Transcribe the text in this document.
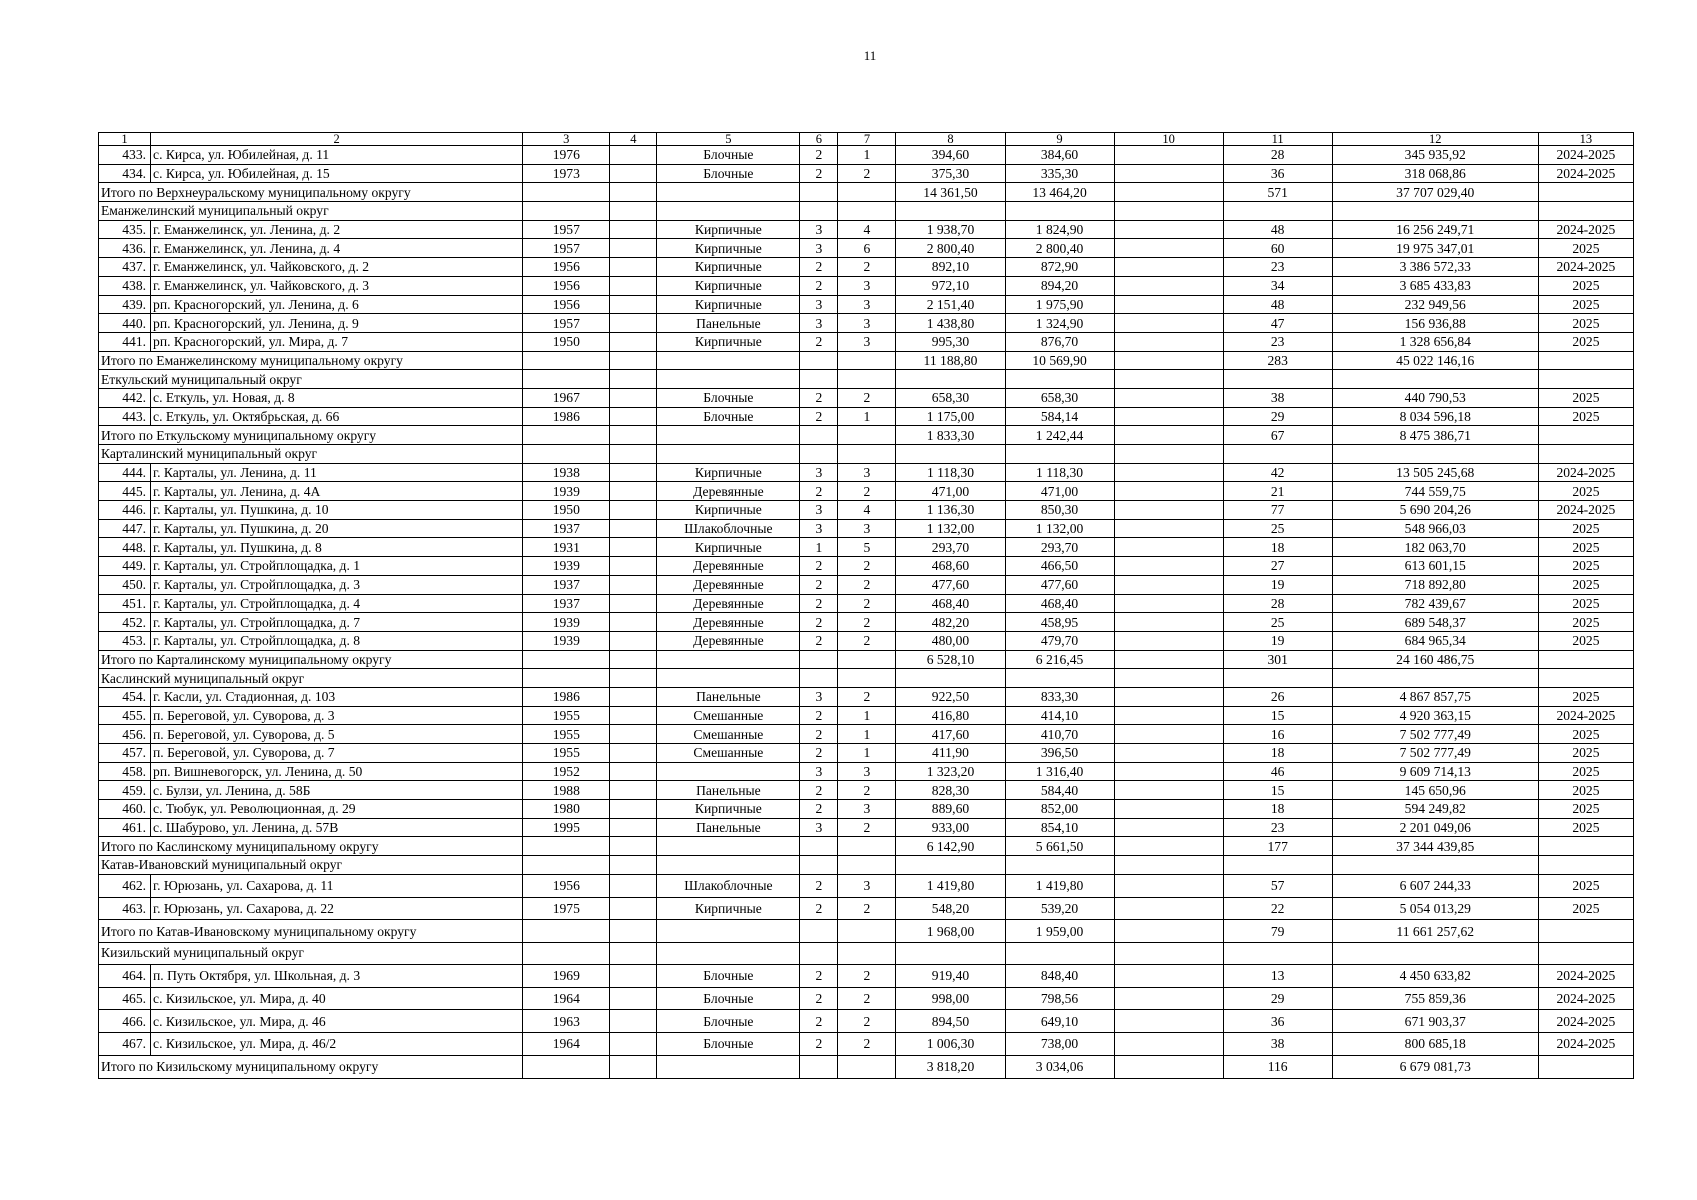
11
1	2	3	4	5	6	7	8	9	10	11	12	13
433.	с. Кирса, ул. Юбилейная, д. 11	1976		Блочные	2	1	394,60	384,60		28	345 935,92	2024-2025
434.	с. Кирса, ул. Юбилейная, д. 15	1973		Блочные	2	2	375,30	335,30		36	318 068,86	2024-2025
Итого по Верхнеуральскому муниципальному округу							14 361,50	13 464,20		571	37 707 029,40	
Еманжелинский муниципальный округ												
435.	г. Еманжелинск, ул. Ленина, д. 2	1957		Кирпичные	3	4	1 938,70	1 824,90		48	16 256 249,71	2024-2025
436.	г. Еманжелинск, ул. Ленина, д. 4	1957		Кирпичные	3	6	2 800,40	2 800,40		60	19 975 347,01	2025
437.	г. Еманжелинск, ул. Чайковского, д. 2	1956		Кирпичные	2	2	892,10	872,90		23	3 386 572,33	2024-2025
438.	г. Еманжелинск, ул. Чайковского, д. 3	1956		Кирпичные	2	3	972,10	894,20		34	3 685 433,83	2025
439.	рп. Красногорский, ул. Ленина, д. 6	1956		Кирпичные	3	3	2 151,40	1 975,90		48	232 949,56	2025
440.	рп. Красногорский, ул. Ленина, д. 9	1957		Панельные	3	3	1 438,80	1 324,90		47	156 936,88	2025
441.	рп. Красногорский, ул. Мира, д. 7	1950		Кирпичные	2	3	995,30	876,70		23	1 328 656,84	2025
Итого по Еманжелинскому муниципальному округу							11 188,80	10 569,90		283	45 022 146,16	
Еткульский муниципальный округ												
442.	с. Еткуль, ул. Новая, д. 8	1967		Блочные	2	2	658,30	658,30		38	440 790,53	2025
443.	с. Еткуль, ул. Октябрьская, д. 66	1986		Блочные	2	1	1 175,00	584,14		29	8 034 596,18	2025
Итого по Еткульскому муниципальному округу							1 833,30	1 242,44		67	8 475 386,71	
Карталинский муниципальный округ												
444.	г. Карталы, ул. Ленина, д. 11	1938		Кирпичные	3	3	1 118,30	1 118,30		42	13 505 245,68	2024-2025
445.	г. Карталы, ул. Ленина, д. 4А	1939		Деревянные	2	2	471,00	471,00		21	744 559,75	2025
446.	г. Карталы, ул. Пушкина, д. 10	1950		Кирпичные	3	4	1 136,30	850,30		77	5 690 204,26	2024-2025
447.	г. Карталы, ул. Пушкина, д. 20	1937		Шлакоблочные	3	3	1 132,00	1 132,00		25	548 966,03	2025
448.	г. Карталы, ул. Пушкина, д. 8	1931		Кирпичные	1	5	293,70	293,70		18	182 063,70	2025
449.	г. Карталы, ул. Стройплощадка, д. 1	1939		Деревянные	2	2	468,60	466,50		27	613 601,15	2025
450.	г. Карталы, ул. Стройплощадка, д. 3	1937		Деревянные	2	2	477,60	477,60		19	718 892,80	2025
451.	г. Карталы, ул. Стройплощадка, д. 4	1937		Деревянные	2	2	468,40	468,40		28	782 439,67	2025
452.	г. Карталы, ул. Стройплощадка, д. 7	1939		Деревянные	2	2	482,20	458,95		25	689 548,37	2025
453.	г. Карталы, ул. Стройплощадка, д. 8	1939		Деревянные	2	2	480,00	479,70		19	684 965,34	2025
Итого по Карталинскому муниципальному округу							6 528,10	6 216,45		301	24 160 486,75	
Каслинский муниципальный округ												
454.	г. Касли, ул. Стадионная, д. 103	1986		Панельные	3	2	922,50	833,30		26	4 867 857,75	2025
455.	п. Береговой, ул. Суворова, д. 3	1955		Смешанные	2	1	416,80	414,10		15	4 920 363,15	2024-2025
456.	п. Береговой, ул. Суворова, д. 5	1955		Смешанные	2	1	417,60	410,70		16	7 502 777,49	2025
457.	п. Береговой, ул. Суворова, д. 7	1955		Смешанные	2	1	411,90	396,50		18	7 502 777,49	2025
458.	рп. Вишневогорск, ул. Ленина, д. 50	1952			3	3	1 323,20	1 316,40		46	9 609 714,13	2025
459.	с. Булзи, ул. Ленина, д. 58Б	1988		Панельные	2	2	828,30	584,40		15	145 650,96	2025
460.	с. Тюбук, ул. Революционная, д. 29	1980		Кирпичные	2	3	889,60	852,00		18	594 249,82	2025
461.	с. Шабурово, ул. Ленина, д. 57В	1995		Панельные	3	2	933,00	854,10		23	2 201 049,06	2025
Итого по Каслинскому муниципальному округу							6 142,90	5 661,50		177	37 344 439,85	
Катав-Ивановский муниципальный округ												
462.	г. Юрюзань, ул. Сахарова, д. 11	1956		Шлакоблочные	2	3	1 419,80	1 419,80		57	6 607 244,33	2025
463.	г. Юрюзань, ул. Сахарова, д. 22	1975		Кирпичные	2	2	548,20	539,20		22	5 054 013,29	2025
Итого по Катав-Ивановскому муниципальному округу							1 968,00	1 959,00		79	11 661 257,62	
Кизильский муниципальный округ												
464.	п. Путь Октября, ул. Школьная, д. 3	1969		Блочные	2	2	919,40	848,40		13	4 450 633,82	2024-2025
465.	с. Кизильское, ул. Мира, д. 40	1964		Блочные	2	2	998,00	798,56		29	755 859,36	2024-2025
466.	с. Кизильское, ул. Мира, д. 46	1963		Блочные	2	2	894,50	649,10		36	671 903,37	2024-2025
467.	с. Кизильское, ул. Мира, д. 46/2	1964		Блочные	2	2	1 006,30	738,00		38	800 685,18	2024-2025
Итого по Кизильскому муниципальному округу							3 818,20	3 034,06		116	6 679 081,73	
